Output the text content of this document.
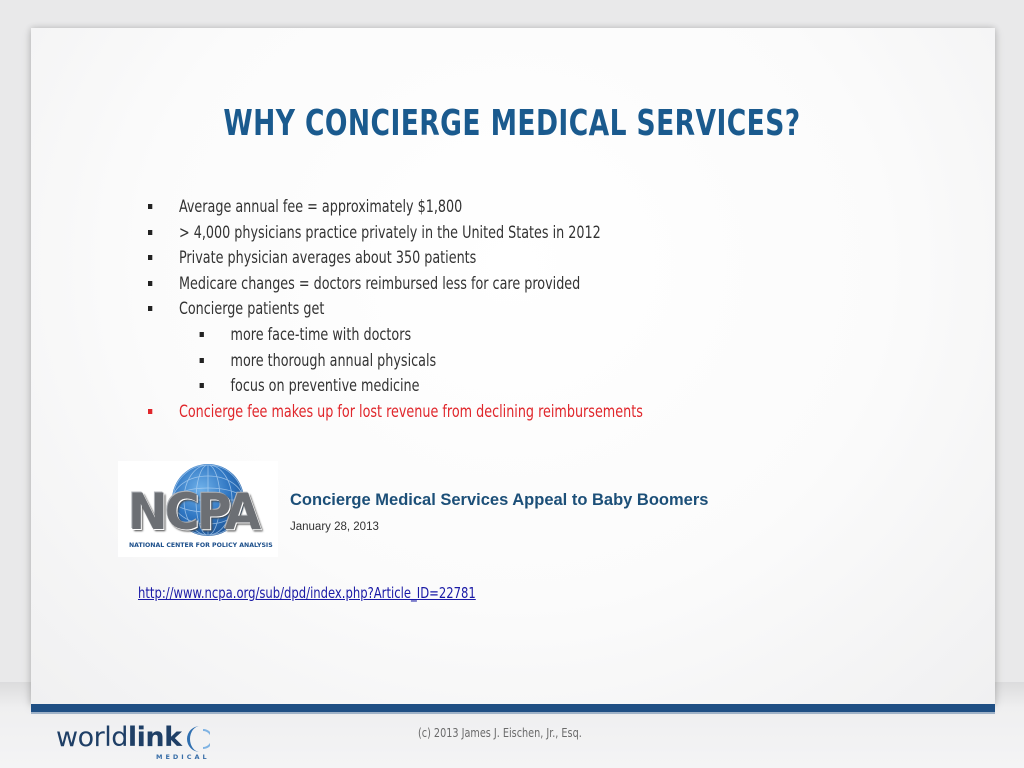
WHY CONCIERGE MEDICAL SERVICES?
Average annual fee = approximately $1,800
> 4,000 physicians practice privately in the United States in 2012
Private physician averages about 350 patients
Medicare changes = doctors reimbursed less for care provided
Concierge patients get
more face-time with doctors
more thorough annual physicals
focus on preventive medicine
Concierge fee makes up for lost revenue from declining reimbursements
NCPA
NATIONAL CENTER FOR POLICY ANALYSIS
Concierge Medical Services Appeal to Baby Boomers
January 28, 2013
http://www.ncpa.org/sub/dpd/index.php?Article_ID=22781
worldlink
MEDICAL
(c) 2013 James J. Eischen, Jr., Esq.
